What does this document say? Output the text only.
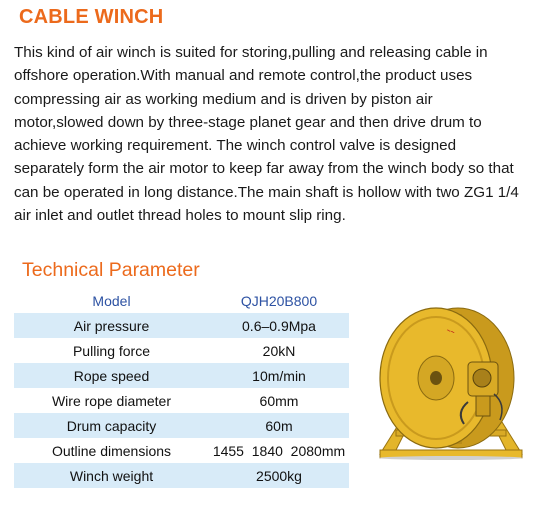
CABLE WINCH

This kind of air winch is suited for storing,pulling and releasing cable in offshore operation.With manual and remote control,the product uses compressing air as working medium and is driven by piston air motor,slowed down by three-stage planet gear and then drive drum to achieve working requirement. The winch control valve is designed separately form the air motor to keep far away from the winch body so that can be operated in long distance.The main shaft is hollow with two ZG1 1/4 air inlet and outlet thread holes to mount slip ring.

Technical Parameter
Model	QJH20B800
Air pressure	0.6–0.9Mpa
Pulling force	20kN
Rope speed	10m/min
Wire rope diameter	60mm
Drum capacity	60m
Outline dimensions	1455  1840  2080mm
Winch weight	2500kg
~~
